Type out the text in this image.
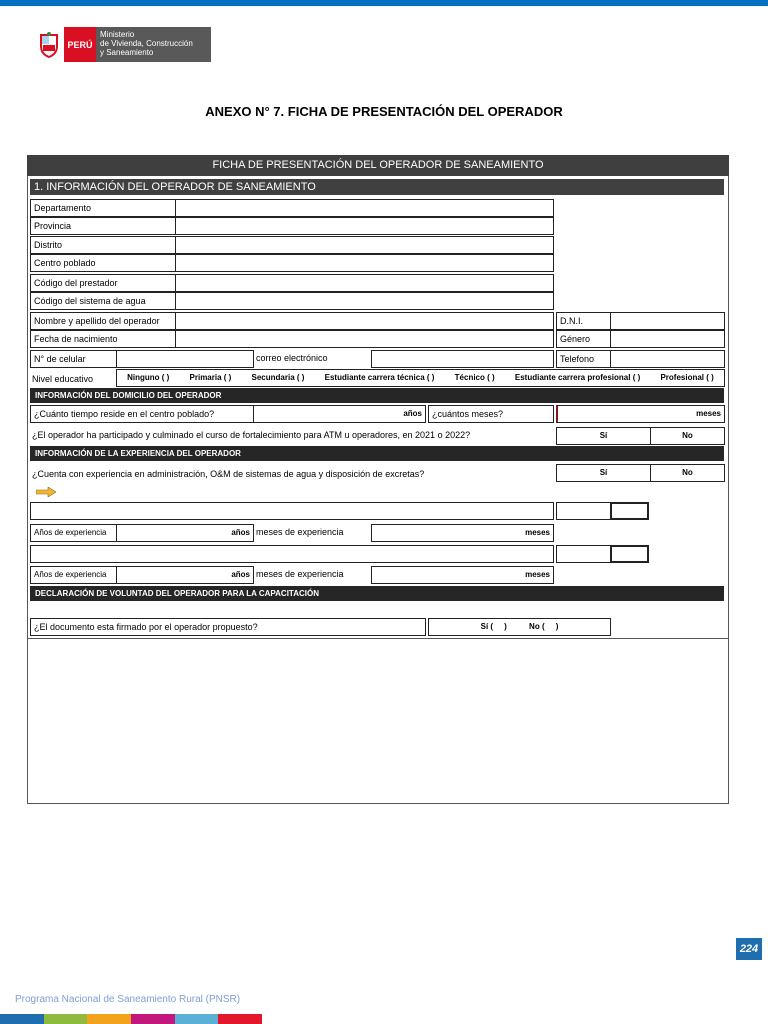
PERÚ
Ministerio
de Vivienda, Construcción
y Saneamiento
ANEXO N° 7. FICHA DE PRESENTACIÓN DEL OPERADOR
FICHA DE PRESENTACIÓN DEL OPERADOR DE SANEAMIENTO
1. INFORMACIÓN DEL OPERADOR DE SANEAMIENTO
Departamento
Provincia
Distrito
Centro poblado
Código del prestador
Código del sistema de agua
Nombre y apellido del operador	D.N.I.
Fecha de nacimiento	Género
N° de celular	correo electrónico	Telefono
Nivel educativo	Ninguno ( )	Primaria ( )	Secundaria ( )	Estudiante carrera técnica ( )	Técnico ( )	Estudiante carrera profesional ( )	Profesional ( )
INFORMACIÓN DEL DOMICILIO DEL OPERADOR
¿Cuánto tiempo reside en el centro poblado?	años	¿cuántos meses?	meses
¿El operador ha participado y culminado el curso de fortalecimiento para ATM u operadores, en 2021 o 2022?	Sí	No
INFORMACIÓN DE LA EXPERIENCIA DEL OPERADOR
¿Cuenta con experiencia en administración, O&M de sistemas de agua y disposición de excretas?	Sí	No
Años de experiencia	años meses de experiencia	meses
Años de experiencia	años meses de experiencia	meses
DECLARACIÓN DE VOLUNTAD DEL OPERADOR PARA LA CAPACITACIÓN
¿El documento esta firmado por el operador propuesto?	Sí (     )          No (     )
224
Programa Nacional de Saneamiento Rural (PNSR)
